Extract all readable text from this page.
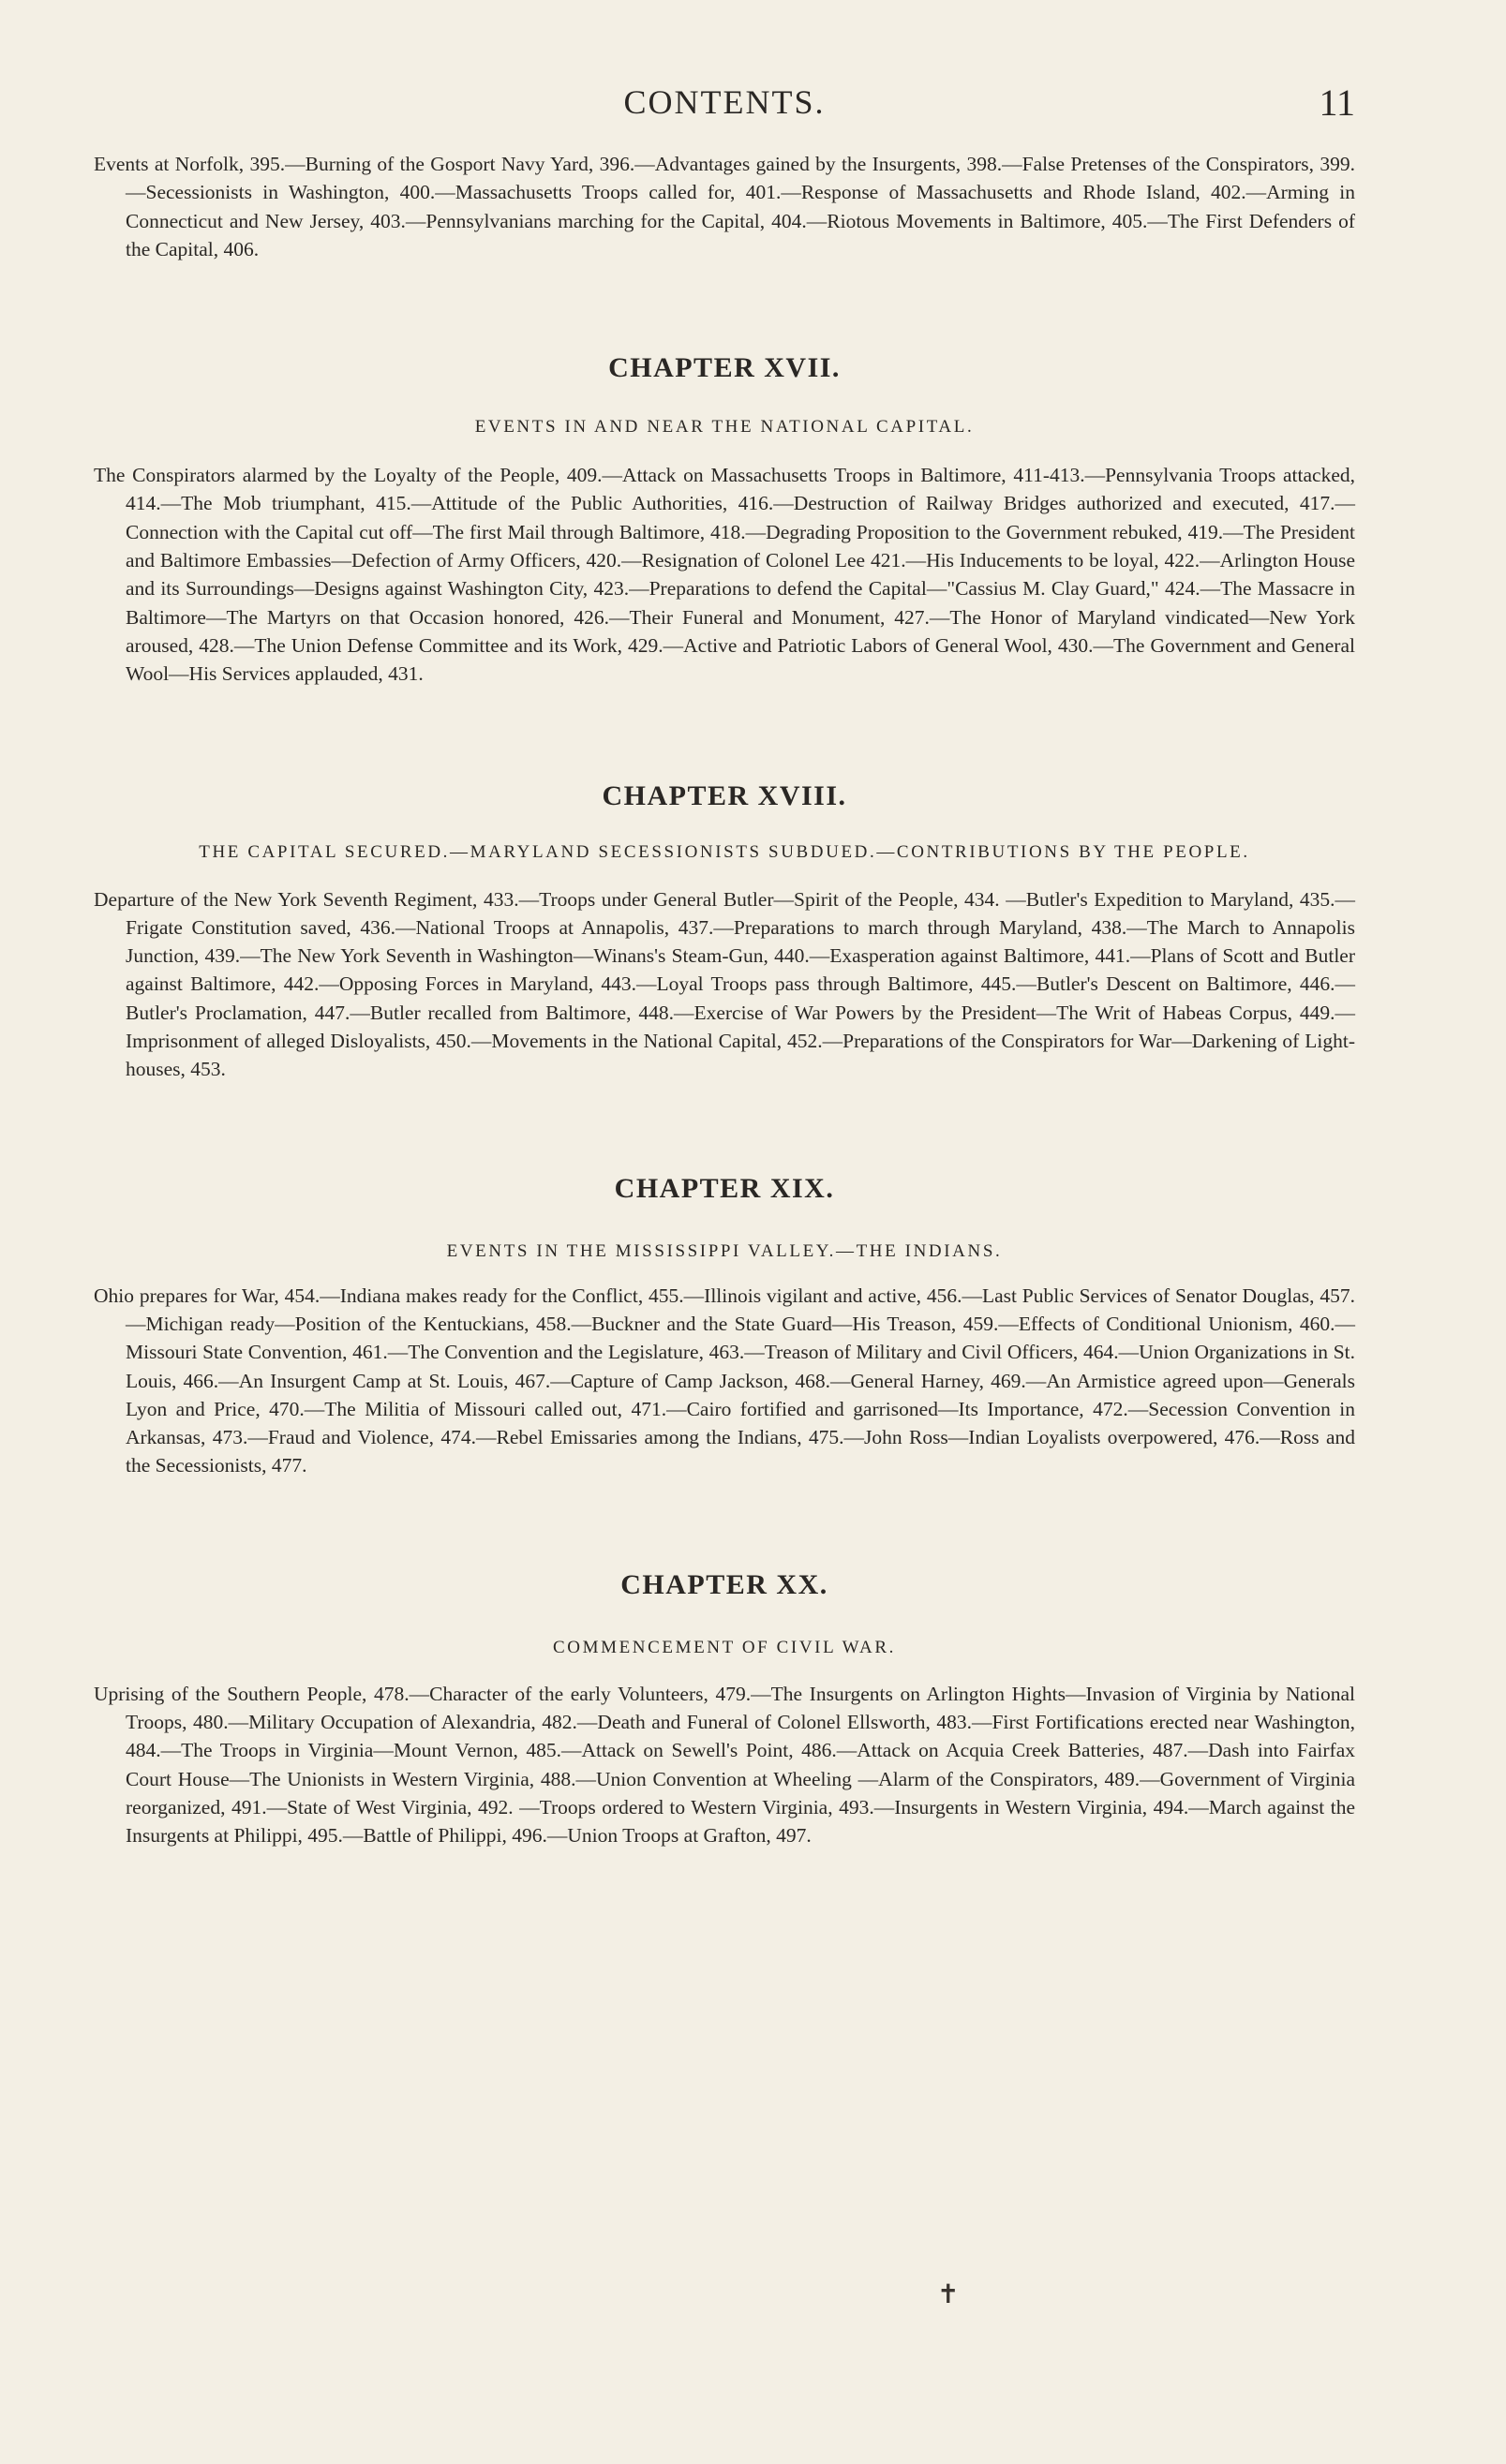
CONTENTS.	11

Events at Norfolk, 395.—Burning of the Gosport Navy Yard, 396.—Advantages gained by the Insurgents, 398.—False Pretenses of the Conspirators, 399.—Secessionists in Washington, 400.—Massachusetts Troops called for, 401.—Response of Massachusetts and Rhode Island, 402.—Arming in Connecticut and New Jersey, 403.—Pennsylvanians marching for the Capital, 404.—Riotous Movements in Baltimore, 405.—The First Defenders of the Capital, 406.

CHAPTER XVII.
EVENTS IN AND NEAR THE NATIONAL CAPITAL.

The Conspirators alarmed by the Loyalty of the People, 409.—Attack on Massachusetts Troops in Baltimore, 411-413.—Pennsylvania Troops attacked, 414.—The Mob triumphant, 415.—Attitude of the Public Authorities, 416.—Destruction of Railway Bridges authorized and executed, 417.—Connection with the Capital cut off—The first Mail through Baltimore, 418.—Degrading Proposition to the Government rebuked, 419.—The President and Baltimore Embassies—Defection of Army Officers, 420.—Resignation of Colonel Lee 421.—His Inducements to be loyal, 422.—Arlington House and its Surroundings—Designs against Washington City, 423.—Preparations to defend the Capital—"Cassius M. Clay Guard," 424.—The Massacre in Baltimore—The Martyrs on that Occasion honored, 426.—Their Funeral and Monument, 427.—The Honor of Maryland vindicated—New York aroused, 428.—The Union Defense Committee and its Work, 429.—Active and Patriotic Labors of General Wool, 430.—The Government and General Wool—His Services applauded, 431.

CHAPTER XVIII.
THE CAPITAL SECURED.—MARYLAND SECESSIONISTS SUBDUED.—CONTRIBUTIONS BY THE PEOPLE.

Departure of the New York Seventh Regiment, 433.—Troops under General Butler—Spirit of the People, 434. —Butler's Expedition to Maryland, 435.—Frigate Constitution saved, 436.—National Troops at Annapolis, 437.—Preparations to march through Maryland, 438.—The March to Annapolis Junction, 439.—The New York Seventh in Washington—Winans's Steam-Gun, 440.—Exasperation against Baltimore, 441.—Plans of Scott and Butler against Baltimore, 442.—Opposing Forces in Maryland, 443.—Loyal Troops pass through Baltimore, 445.—Butler's Descent on Baltimore, 446.—Butler's Proclamation, 447.—Butler recalled from Baltimore, 448.—Exercise of War Powers by the President—The Writ of Habeas Corpus, 449.—Imprisonment of alleged Disloyalists, 450.—Movements in the National Capital, 452.—Preparations of the Conspirators for War—Darkening of Light-houses, 453.

CHAPTER XIX.
EVENTS IN THE MISSISSIPPI VALLEY.—THE INDIANS.

Ohio prepares for War, 454.—Indiana makes ready for the Conflict, 455.—Illinois vigilant and active, 456.—Last Public Services of Senator Douglas, 457.—Michigan ready—Position of the Kentuckians, 458.—Buckner and the State Guard—His Treason, 459.—Effects of Conditional Unionism, 460.—Missouri State Convention, 461.—The Convention and the Legislature, 463.—Treason of Military and Civil Officers, 464.—Union Organizations in St. Louis, 466.—An Insurgent Camp at St. Louis, 467.—Capture of Camp Jackson, 468.—General Harney, 469.—An Armistice agreed upon—Generals Lyon and Price, 470.—The Militia of Missouri called out, 471.—Cairo fortified and garrisoned—Its Importance, 472.—Secession Convention in Arkansas, 473.—Fraud and Violence, 474.—Rebel Emissaries among the Indians, 475.—John Ross—Indian Loyalists overpowered, 476.—Ross and the Secessionists, 477.

CHAPTER XX.
COMMENCEMENT OF CIVIL WAR.

Uprising of the Southern People, 478.—Character of the early Volunteers, 479.—The Insurgents on Arlington Hights—Invasion of Virginia by National Troops, 480.—Military Occupation of Alexandria, 482.—Death and Funeral of Colonel Ellsworth, 483.—First Fortifications erected near Washington, 484.—The Troops in Virginia—Mount Vernon, 485.—Attack on Sewell's Point, 486.—Attack on Acquia Creek Batteries, 487.—Dash into Fairfax Court House—The Unionists in Western Virginia, 488.—Union Convention at Wheeling —Alarm of the Conspirators, 489.—Government of Virginia reorganized, 491.—State of West Virginia, 492. —Troops ordered to Western Virginia, 493.—Insurgents in Western Virginia, 494.—March against the Insurgents at Philippi, 495.—Battle of Philippi, 496.—Union Troops at Grafton, 497.

✝
